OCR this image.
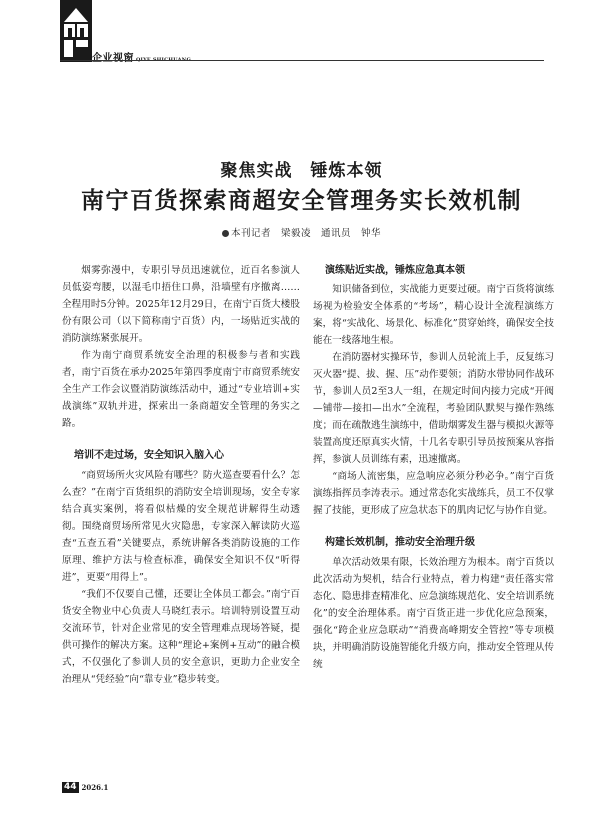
企业视窗 QIYE SHICHUANG
聚焦实战　锤炼本领
南宁百货探索商超安全管理务实长效机制
本刊记者　梁毅凌　通讯员　钟华

烟雾弥漫中，专职引导员迅速就位，近百名参演人员低姿弯腰，以湿毛巾捂住口鼻，沿墙壁有序撤离……全程用时5分钟。2025年12月29日，在南宁百货大楼股份有限公司（以下简称南宁百货）内，一场贴近实战的消防演练紧张展开。

作为南宁商贸系统安全治理的积极参与者和实践者，南宁百货在承办2025年第四季度南宁市商贸系统安全生产工作会议暨消防演练活动中，通过“专业培训+实战演练”双轨并进，探索出一条商超安全管理的务实之路。

培训不走过场，安全知识入脑入心

“商贸场所火灾风险有哪些？防火巡查要看什么？怎么查？”在南宁百货组织的消防安全培训现场，安全专家结合真实案例，将看似枯燥的安全规范讲解得生动透彻。围绕商贸场所常见火灾隐患，专家深入解读防火巡查“五查五看”关键要点，系统讲解各类消防设施的工作原理、维护方法与检查标准，确保安全知识不仅“听得进”，更要“用得上”。

“我们不仅要自己懂，还要让全体员工都会。”南宁百货安全物业中心负责人马晓红表示。培训特别设置互动交流环节，针对企业常见的安全管理难点现场答疑，提供可操作的解决方案。这种“理论+案例+互动”的融合模式，不仅强化了参训人员的安全意识，更助力企业安全治理从“凭经验”向“靠专业”稳步转变。

演练贴近实战，锤炼应急真本领

知识储备到位，实战能力更要过硬。南宁百货将演练场视为检验安全体系的“考场”，精心设计全流程演练方案，将“实战化、场景化、标准化”贯穿始终，确保安全技能在一线落地生根。

在消防器材实操环节，参训人员轮流上手，反复练习灭火器“提、拔、握、压”动作要领；消防水带协同作战环节，参训人员2至3人一组，在规定时间内接力完成“开阀—铺带—接扣—出水”全流程，考验团队默契与操作熟练度；而在疏散逃生演练中，借助烟雾发生器与模拟火源等装置高度还原真实火情，十几名专职引导员按预案从容指挥，参演人员训练有素，迅速撤离。

“商场人流密集，应急响应必须分秒必争。”南宁百货演练指挥员李涛表示。通过常态化实战练兵，员工不仅掌握了技能，更形成了应急状态下的肌肉记忆与协作自觉。

构建长效机制，推动安全治理升级

单次活动效果有限，长效治理方为根本。南宁百货以此次活动为契机，结合行业特点，着力构建“责任落实常态化、隐患排查精准化、应急演练规范化、安全培训系统化”的安全治理体系。南宁百货正进一步优化应急预案，强化“跨企业应急联动”“消费高峰期安全管控”等专项模块，并明确消防设施智能化升级方向，推动安全管理从传统

44 2026.1
